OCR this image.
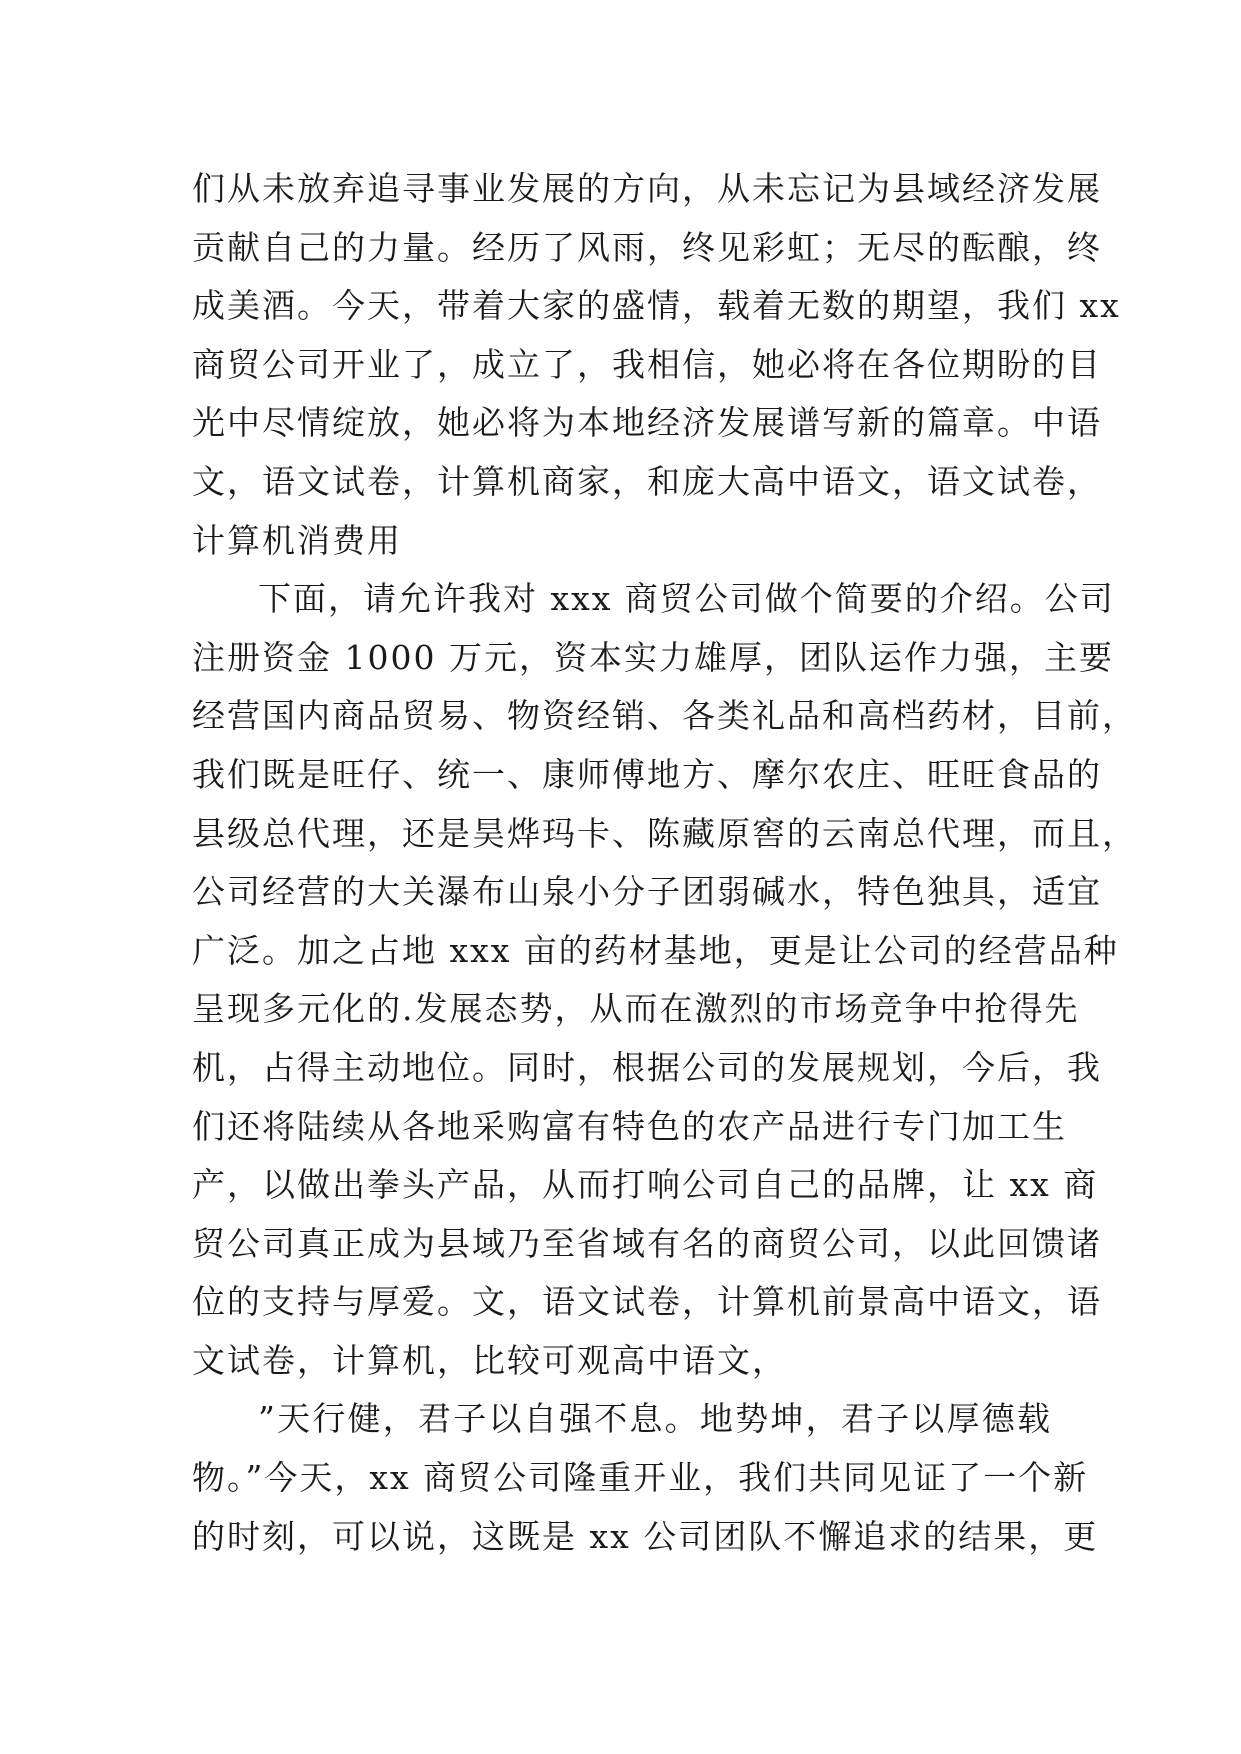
们从未放弃追寻事业发展的方向，从未忘记为县域经济发展
贡献自己的力量。经历了风雨，终见彩虹；无尽的酝酿，终
成美酒。今天，带着大家的盛情，载着无数的期望，我们 xx
商贸公司开业了，成立了，我相信，她必将在各位期盼的目
光中尽情绽放，她必将为本地经济发展谱写新的篇章。中语
文，语文试卷，计算机商家，和庞大高中语文，语文试卷，
计算机消费用
下面，请允许我对 xxx 商贸公司做个简要的介绍。公司
注册资金 1000 万元，资本实力雄厚，团队运作力强，主要
经营国内商品贸易、物资经销、各类礼品和高档药材，目前，
我们既是旺仔、统一、康师傅地方、摩尔农庄、旺旺食品的
县级总代理，还是昊烨玛卡、陈藏原窖的云南总代理，而且，
公司经营的大关瀑布山泉小分子团弱碱水，特色独具，适宜
广泛。加之占地 xxx 亩的药材基地，更是让公司的经营品种
呈现多元化的.发展态势，从而在激烈的市场竞争中抢得先
机，占得主动地位。同时，根据公司的发展规划，今后，我
们还将陆续从各地采购富有特色的农产品进行专门加工生
产，以做出拳头产品，从而打响公司自己的品牌，让 xx 商
贸公司真正成为县域乃至省域有名的商贸公司，以此回馈诸
位的支持与厚爱。文，语文试卷，计算机前景高中语文，语
文试卷，计算机，比较可观高中语文，
”天行健，君子以自强不息。地势坤，君子以厚德载
物。”今天，xx 商贸公司隆重开业，我们共同见证了一个新
的时刻，可以说，这既是 xx 公司团队不懈追求的结果，更
